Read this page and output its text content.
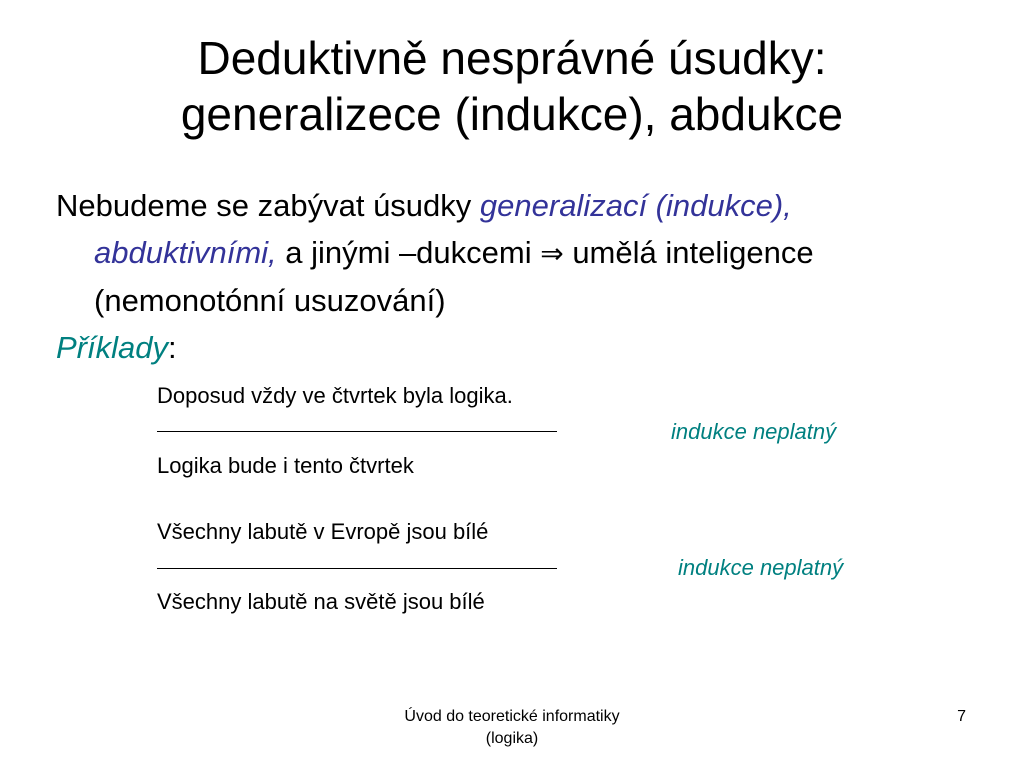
Deduktivně nesprávné úsudky:
generalizece (indukce), abdukce

Nebudeme se zabývat úsudky generalizací (indukce), abduktivními, a jinými –dukcemi ⇒ umělá inteligence (nemonotónní usuzování)

Příklady:

Doposud vždy ve čtvrtek byla logika.
indukce neplatný
Logika bude i tento čtvrtek
Všechny labutě v Evropě jsou bílé
indukce neplatný
Všechny labutě na světě jsou bílé
Úvod do teoretické informatiky
(logika)
7
